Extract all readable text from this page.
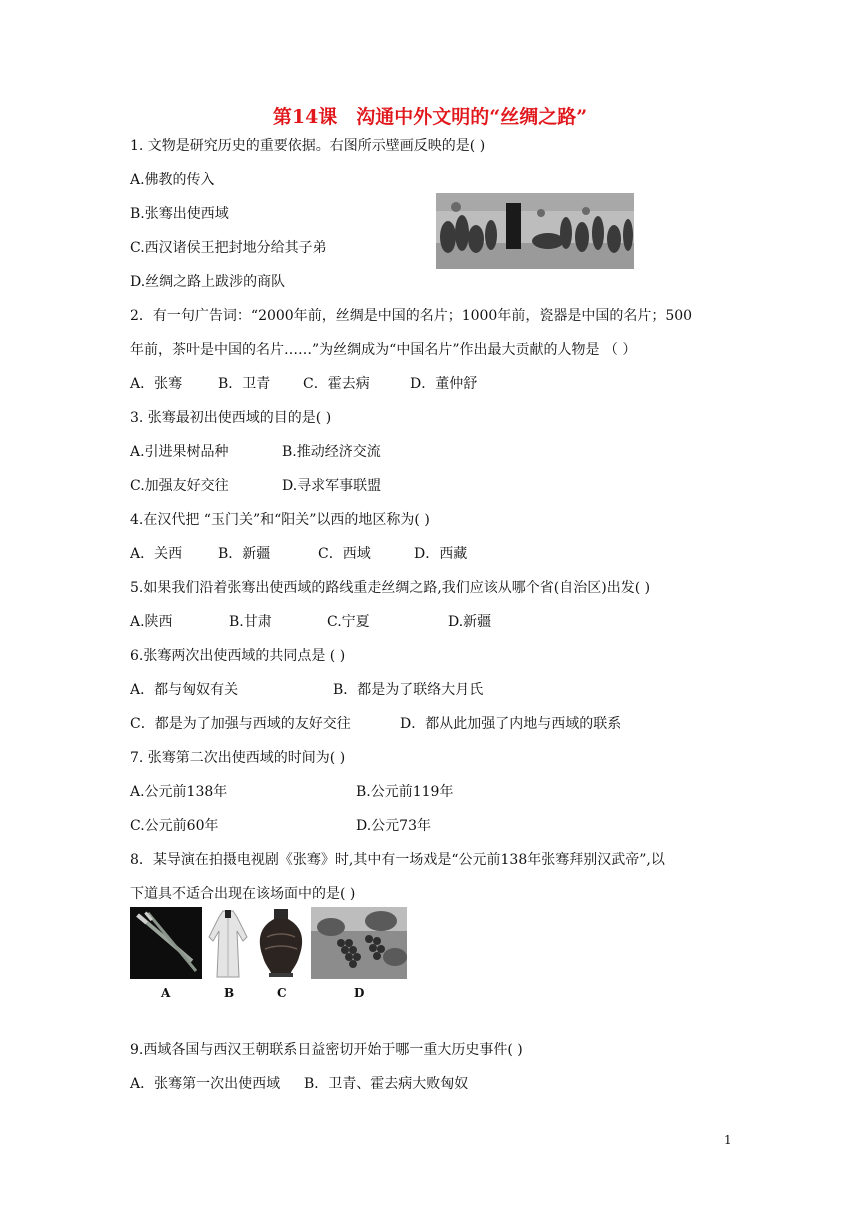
第14课　沟通中外文明的“丝绸之路”
1. 文物是研究历史的重要依据。右图所示壁画反映的是( )
A.佛教的传入
B.张骞出使西域
C.西汉诸侯王把封地分给其子弟
D.丝绸之路上跋涉的商队
2．有一句广告词：“2000年前，丝绸是中国的名片；1000年前，瓷器是中国的名片；500
年前，茶叶是中国的名片……”为丝绸成为“中国名片”作出最大贡献的人物是 （ ）
A．张骞	B．卫青 C．霍去病	D．董仲舒
3. 张骞最初出使西域的目的是( )
A.引进果树品种	B.推动经济交流
C.加强友好交往	D.寻求军事联盟
4.在汉代把 “玉门关”和“阳关”以西的地区称为( )
A．关西	B．新疆	C．西域	D．西藏
5.如果我们沿着张骞出使西域的路线重走丝绸之路,我们应该从哪个省(自治区)出发( )
A.陕西	B.甘肃	C.宁夏	D.新疆
6.张骞两次出使西域的共同点是 ( )
A．都与匈奴有关	B．都是为了联络大月氏
C．都是为了加强与西域的友好交往	D．都从此加强了内地与西域的联系
7. 张骞第二次出使西域的时间为( )
A.公元前138年	B.公元前119年
C.公元前60年	D.公元73年
8．某导演在拍摄电视剧《张骞》时,其中有一场戏是“公元前138年张骞拜别汉武帝”,以
下道具不适合出现在该场面中的是( )
A	B	C	D
9.西域各国与西汉王朝联系日益密切开始于哪一重大历史事件( )
A．张骞第一次出使西域 B．卫青、霍去病大败匈奴
1
